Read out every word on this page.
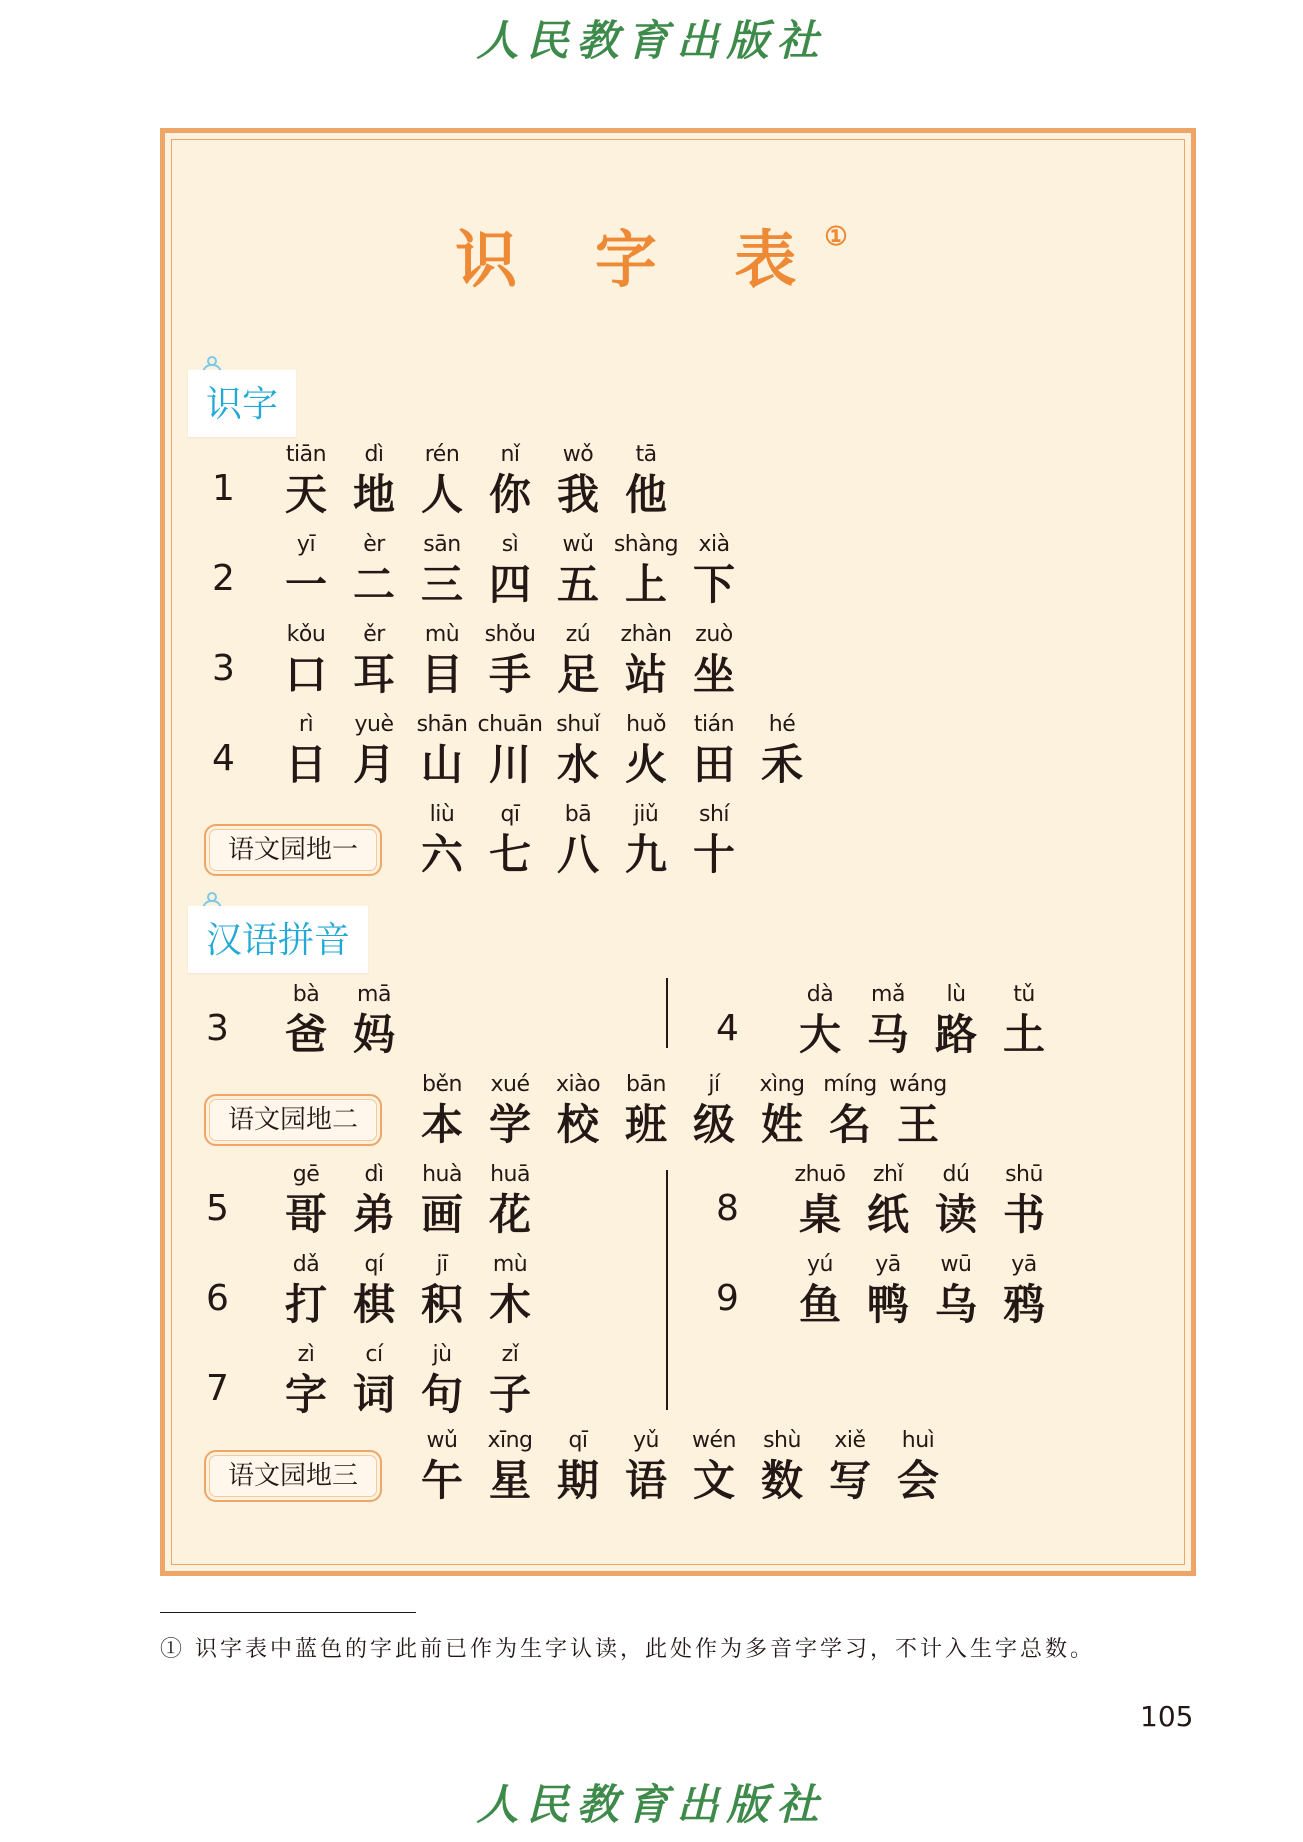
人民教育出版社
识 字 表①
识字
1
tiān
天
dì
地
rén
人
nǐ
你
wǒ
我
tā
他
2
yī
一
èr
二
sān
三
sì
四
wǔ
五
shàng
上
xià
下
3
kǒu
口
ěr
耳
mù
目
shǒu
手
zú
足
zhàn
站
zuò
坐
4
rì
日
yuè
月
shān
山
chuān
川
shuǐ
水
huǒ
火
tián
田
hé
禾
语文园地一
liù
六
qī
七
bā
八
jiǔ
九
shí
十
汉语拼音
3
bà
爸
mā
妈	4
dà
大
mǎ
马
lù
路
tǔ
土
语文园地二
běn
本
xué
学
xiào
校
bān
班
jí
级
xìng
姓
míng
名
wáng
王
5
gē
哥
dì
弟
huà
画
huā
花
6
dǎ
打
qí
棋
jī
积
mù
木
7
zì
字
cí
词
jù
句
zǐ
子
8
zhuō
桌
zhǐ
纸
dú
读
shū
书
9
yú
鱼
yā
鸭
wū
乌
yā
鸦
语文园地三
wǔ
午
xīng
星
qī
期
yǔ
语
wén
文
shù
数
xiě
写
huì
会
① 识字表中蓝色的字此前已作为生字认读，此处作为多音字学习，不计入生字总数。
105
人民教育出版社
